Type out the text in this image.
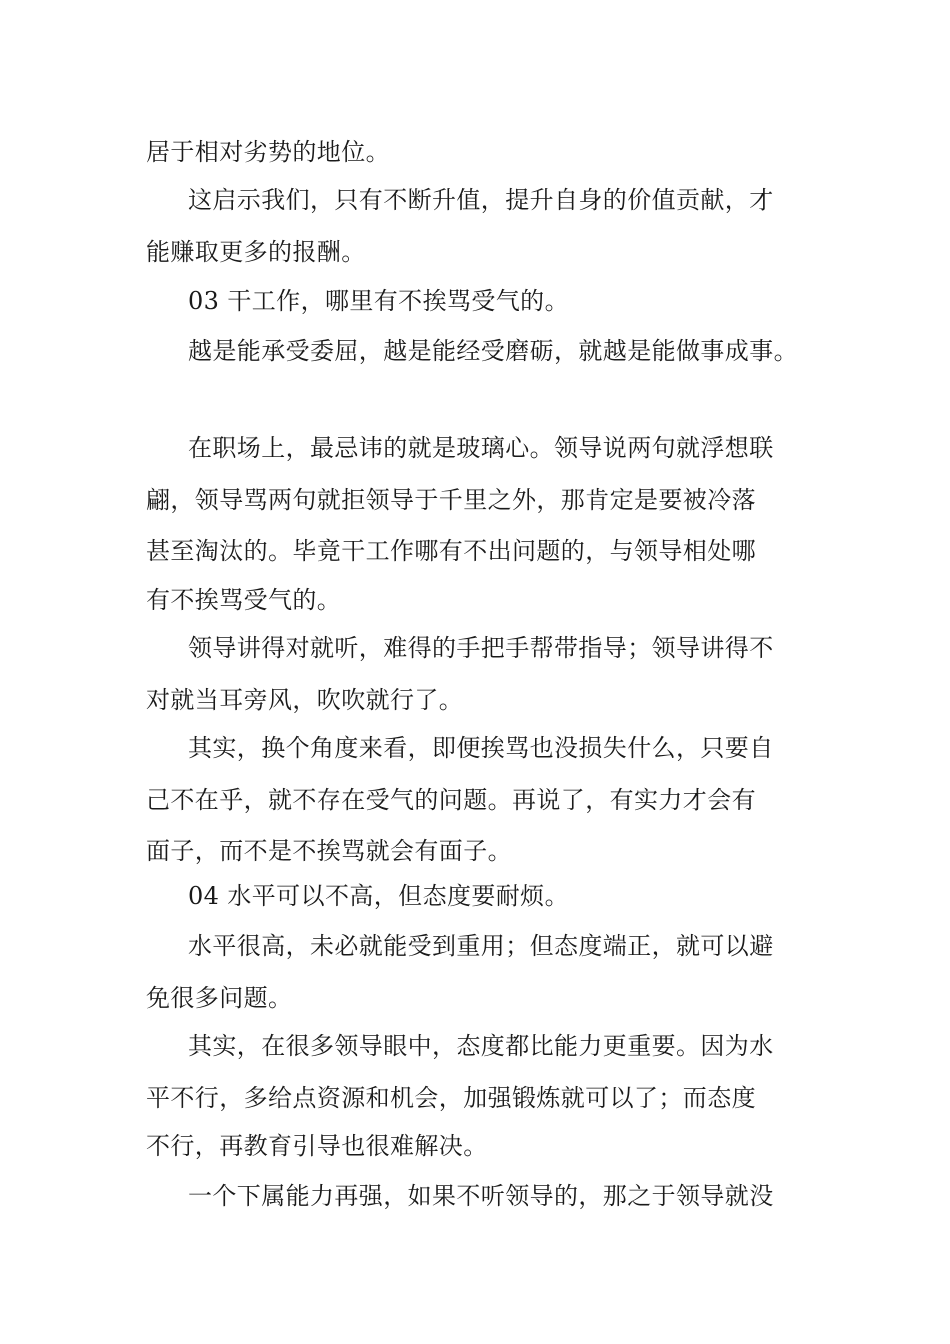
居于相对劣势的地位。
这启示我们，只有不断升值，提升自身的价值贡献，才
能赚取更多的报酬。
03 干工作，哪里有不挨骂受气的。
越是能承受委屈，越是能经受磨砺，就越是能做事成事。
在职场上，最忌讳的就是玻璃心。领导说两句就浮想联
翩，领导骂两句就拒领导于千里之外，那肯定是要被冷落
甚至淘汰的。毕竟干工作哪有不出问题的，与领导相处哪
有不挨骂受气的。
领导讲得对就听，难得的手把手帮带指导；领导讲得不
对就当耳旁风，吹吹就行了。
其实，换个角度来看，即便挨骂也没损失什么，只要自
己不在乎，就不存在受气的问题。再说了，有实力才会有
面子，而不是不挨骂就会有面子。
04 水平可以不高，但态度要耐烦。
水平很高，未必就能受到重用；但态度端正，就可以避
免很多问题。
其实，在很多领导眼中，态度都比能力更重要。因为水
平不行，多给点资源和机会，加强锻炼就可以了；而态度
不行，再教育引导也很难解决。
一个下属能力再强，如果不听领导的，那之于领导就没
